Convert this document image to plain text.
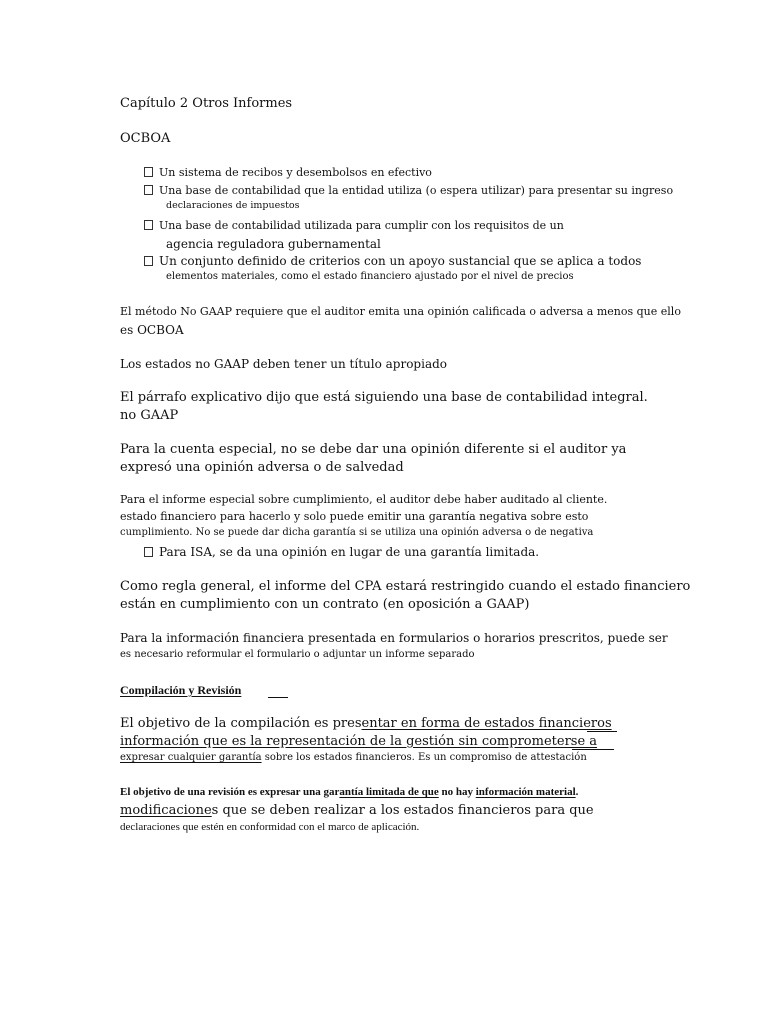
Capítulo 2 Otros Informes
OCBOA
Un sistema de recibos y desembolsos en efectivo
Una base de contabilidad que la entidad utiliza (o espera utilizar) para presentar su ingreso
declaraciones de impuestos
Una base de contabilidad utilizada para cumplir con los requisitos de un
agencia reguladora gubernamental
Un conjunto definido de criterios con un apoyo sustancial que se aplica a todos
elementos materiales, como el estado financiero ajustado por el nivel de precios
El método No GAAP requiere que el auditor emita una opinión calificada o adversa a menos que ello
es OCBOA
Los estados no GAAP deben tener un título apropiado
El párrafo explicativo dijo que está siguiendo una base de contabilidad integral.
no GAAP
Para la cuenta especial, no se debe dar una opinión diferente si el auditor ya
expresó una opinión adversa o de salvedad
Para el informe especial sobre cumplimiento, el auditor debe haber auditado al cliente.
estado financiero para hacerlo y solo puede emitir una garantía negativa sobre esto
cumplimiento. No se puede dar dicha garantía si se utiliza una opinión adversa o de negativa
Para ISA, se da una opinión en lugar de una garantía limitada.
Como regla general, el informe del CPA estará restringido cuando el estado financiero
están en cumplimiento con un contrato (en oposición a GAAP)
Para la información financiera presentada en formularios o horarios prescritos, puede ser
es necesario reformular el formulario o adjuntar un informe separado
Compilación y Revisión
El objetivo de la compilación es presentar en forma de estados financieros
información que es la representación de la gestión sin comprometerse a
expresar cualquier garantía sobre los estados financieros. Es un compromiso de attestación
El objetivo de una revisión es expresar una garantía limitada de que no hay información material.
modificaciones que se deben realizar a los estados financieros para que
declaraciones que estén en conformidad con el marco de aplicación.
